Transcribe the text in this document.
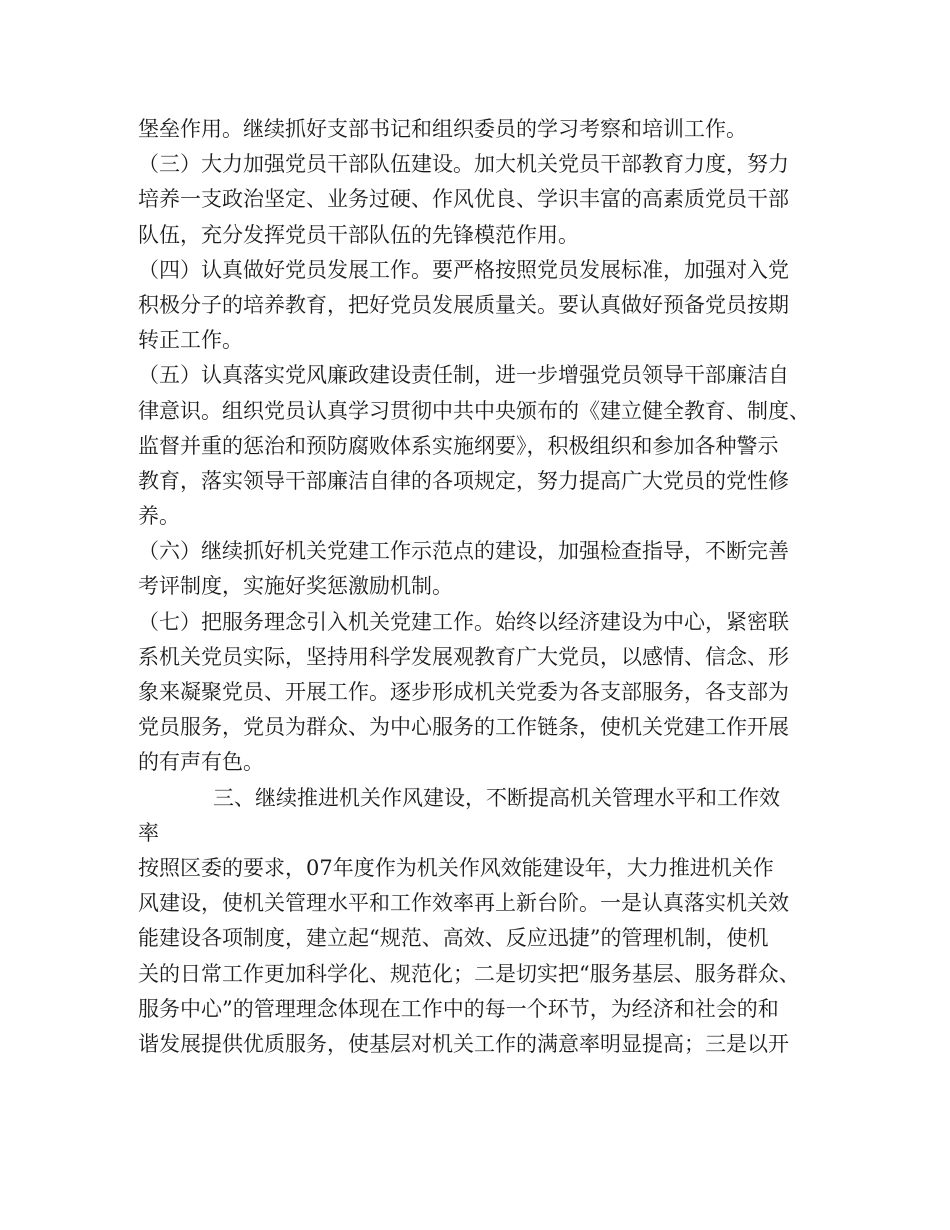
堡垒作用。继续抓好支部书记和组织委员的学习考察和培训工作。
（三）大力加强党员干部队伍建设。加大机关党员干部教育力度，努力
培养一支政治坚定、业务过硬、作风优良、学识丰富的高素质党员干部
队伍，充分发挥党员干部队伍的先锋模范作用。
（四）认真做好党员发展工作。要严格按照党员发展标准，加强对入党
积极分子的培养教育，把好党员发展质量关。要认真做好预备党员按期
转正工作。
（五）认真落实党风廉政建设责任制，进一步增强党员领导干部廉洁自
律意识。组织党员认真学习贯彻中共中央颁布的《建立健全教育、制度、
监督并重的惩治和预防腐败体系实施纲要》，积极组织和参加各种警示
教育，落实领导干部廉洁自律的各项规定，努力提高广大党员的党性修
养。
（六）继续抓好机关党建工作示范点的建设，加强检查指导，不断完善
考评制度，实施好奖惩激励机制。
（七）把服务理念引入机关党建工作。始终以经济建设为中心，紧密联
系机关党员实际，坚持用科学发展观教育广大党员，以感情、信念、形
象来凝聚党员、开展工作。逐步形成机关党委为各支部服务，各支部为
党员服务，党员为群众、为中心服务的工作链条，使机关党建工作开展
的有声有色。
三、继续推进机关作风建设，不断提高机关管理水平和工作效
率
按照区委的要求，07年度作为机关作风效能建设年，大力推进机关作
风建设，使机关管理水平和工作效率再上新台阶。一是认真落实机关效
能建设各项制度，建立起“规范、高效、反应迅捷”的管理机制，使机
关的日常工作更加科学化、规范化；二是切实把“服务基层、服务群众、
服务中心”的管理理念体现在工作中的每一个环节，为经济和社会的和
谐发展提供优质服务，使基层对机关工作的满意率明显提高；三是以开
